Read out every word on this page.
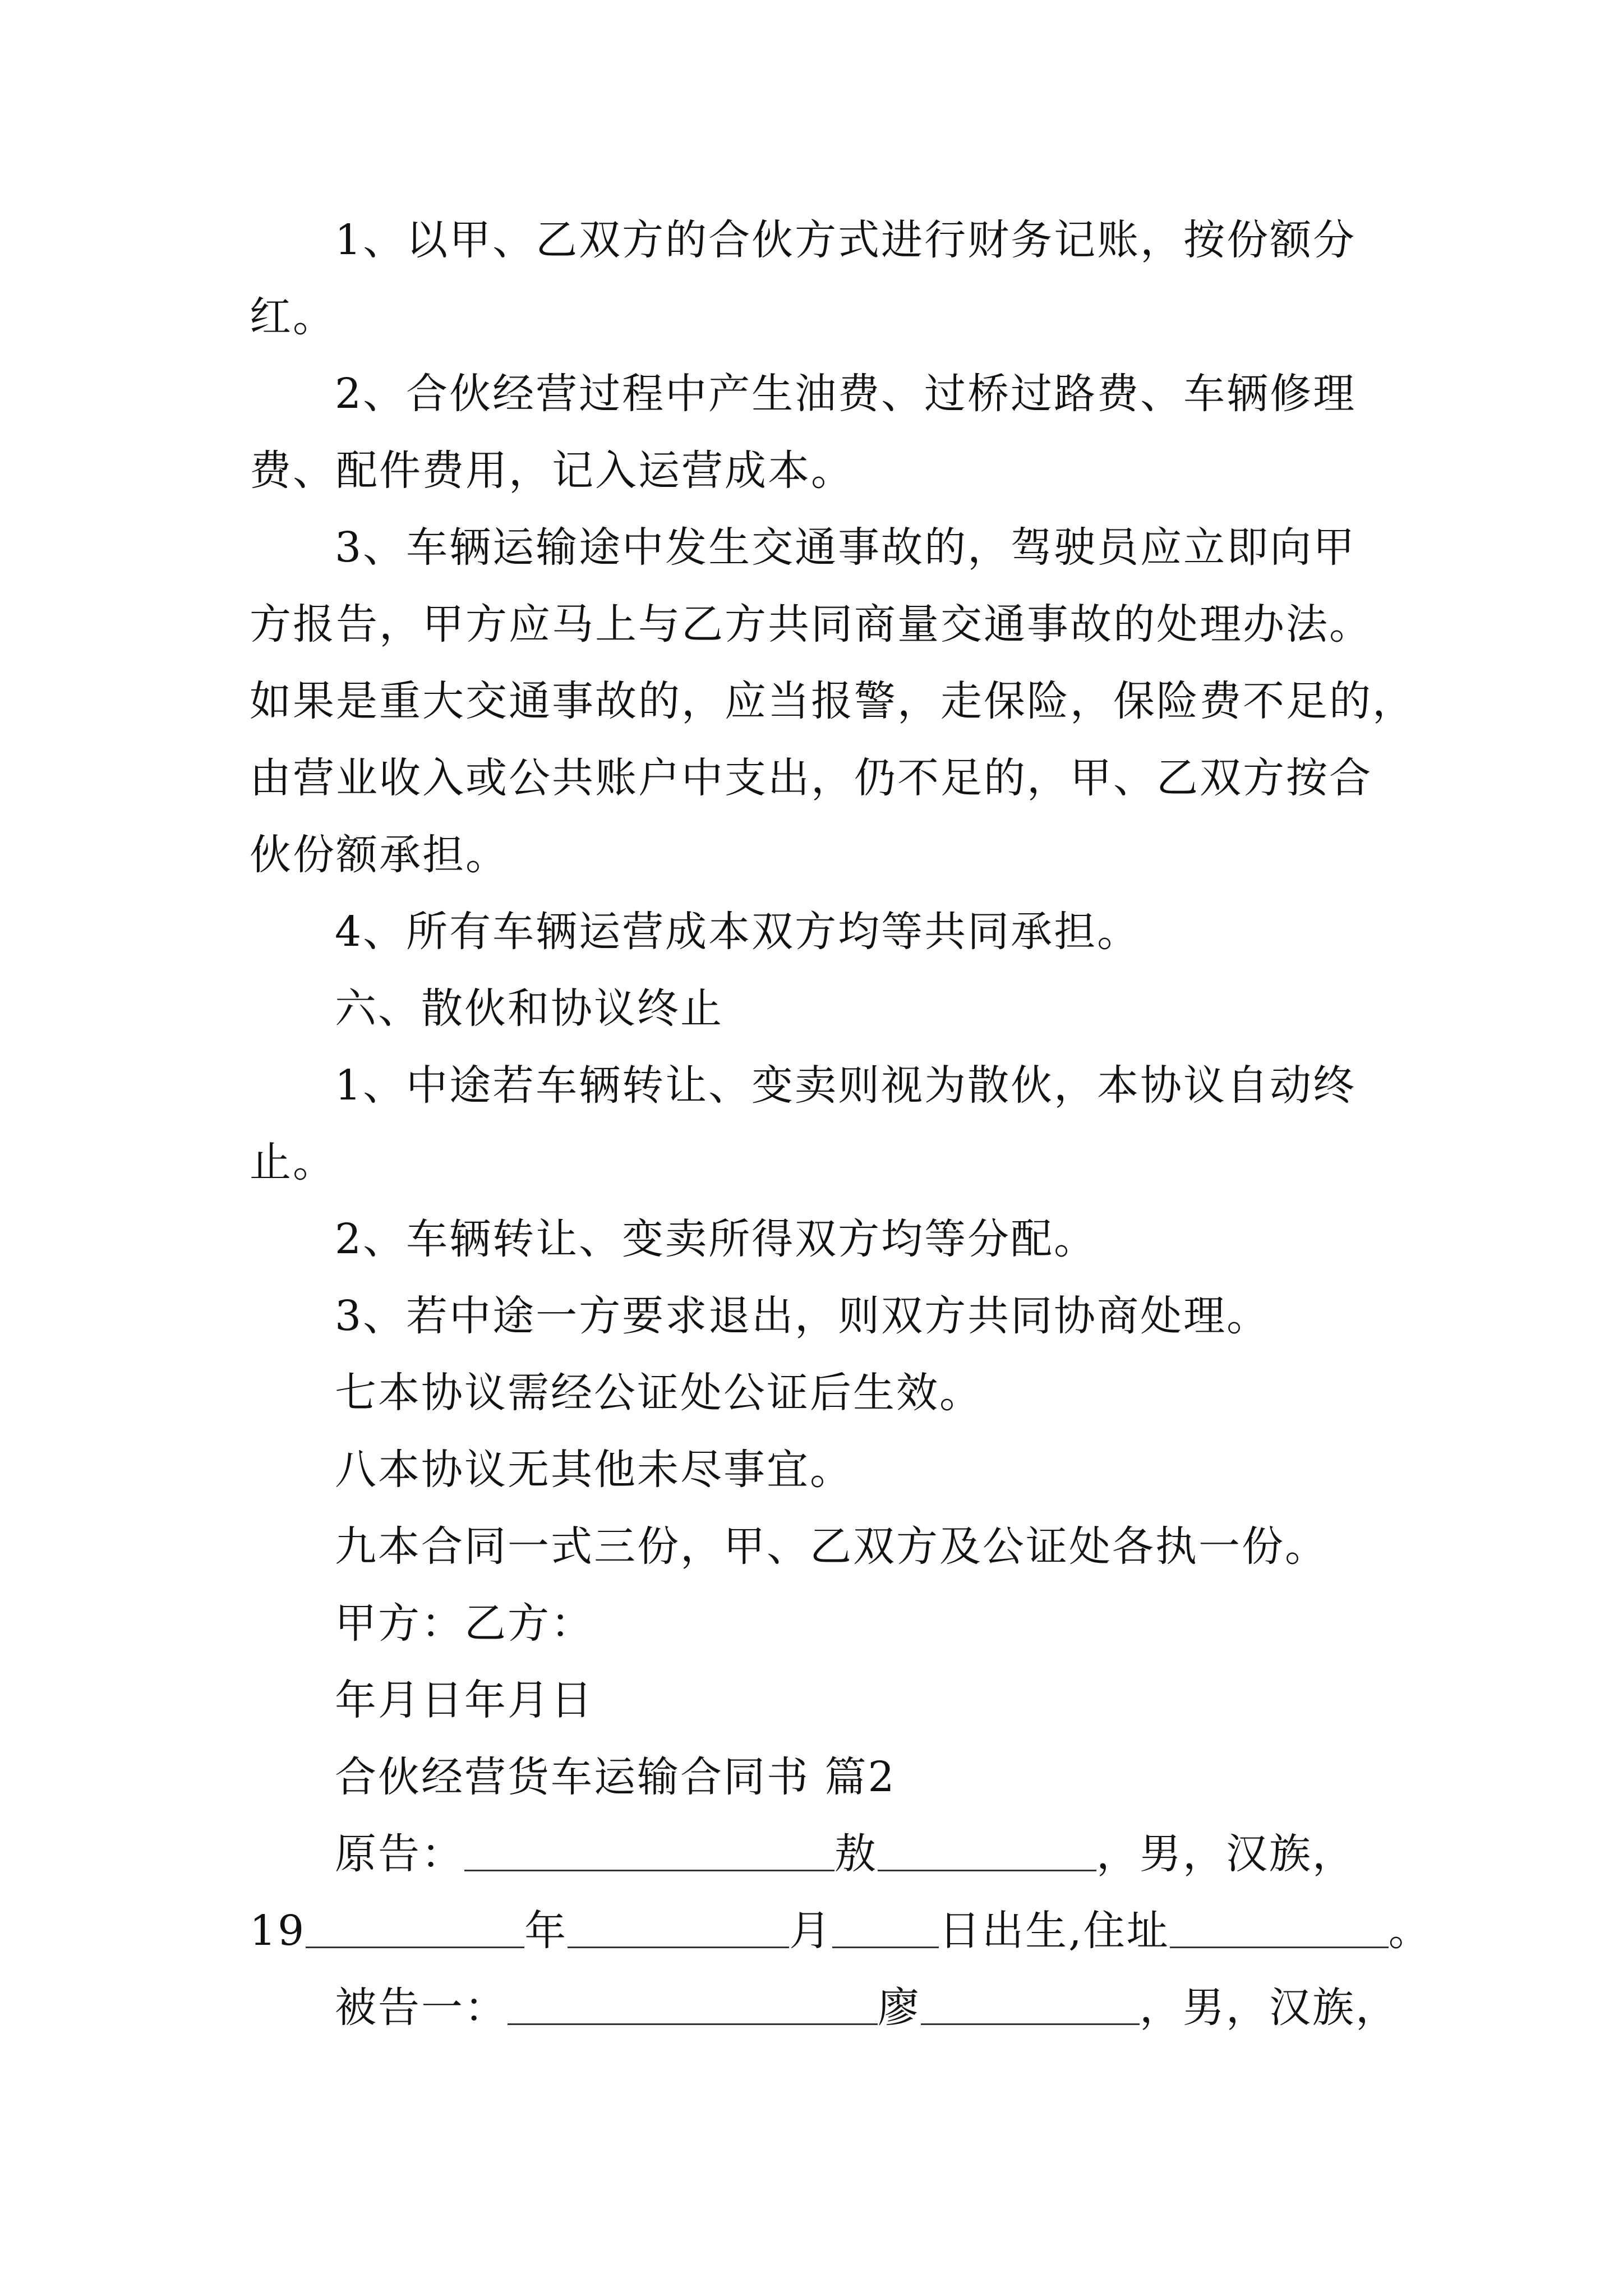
1、以甲、乙双方的合伙方式进行财务记账，按份额分
红。
2、合伙经营过程中产生油费、过桥过路费、车辆修理
费、配件费用，记入运营成本。
3、车辆运输途中发生交通事故的，驾驶员应立即向甲
方报告，甲方应马上与乙方共同商量交通事故的处理办法。
如果是重大交通事故的，应当报警，走保险，保险费不足的，
由营业收入或公共账户中支出，仍不足的，甲、乙双方按合
伙份额承担。
4、所有车辆运营成本双方均等共同承担。
六、散伙和协议终止
1、中途若车辆转让、变卖则视为散伙，本协议自动终
止。
2、车辆转让、变卖所得双方均等分配。
3、若中途一方要求退出，则双方共同协商处理。
七本协议需经公证处公证后生效。
八本协议无其他未尽事宜。
九本合同一式三份，甲、乙双方及公证处各执一份。
甲方：乙方：
年月日年月日
合伙经营货车运输合同书 篇2
原告：	敖	，男，汉族，
19	年	月	日出生,住址	。
被告一：	廖	，男，汉族，
